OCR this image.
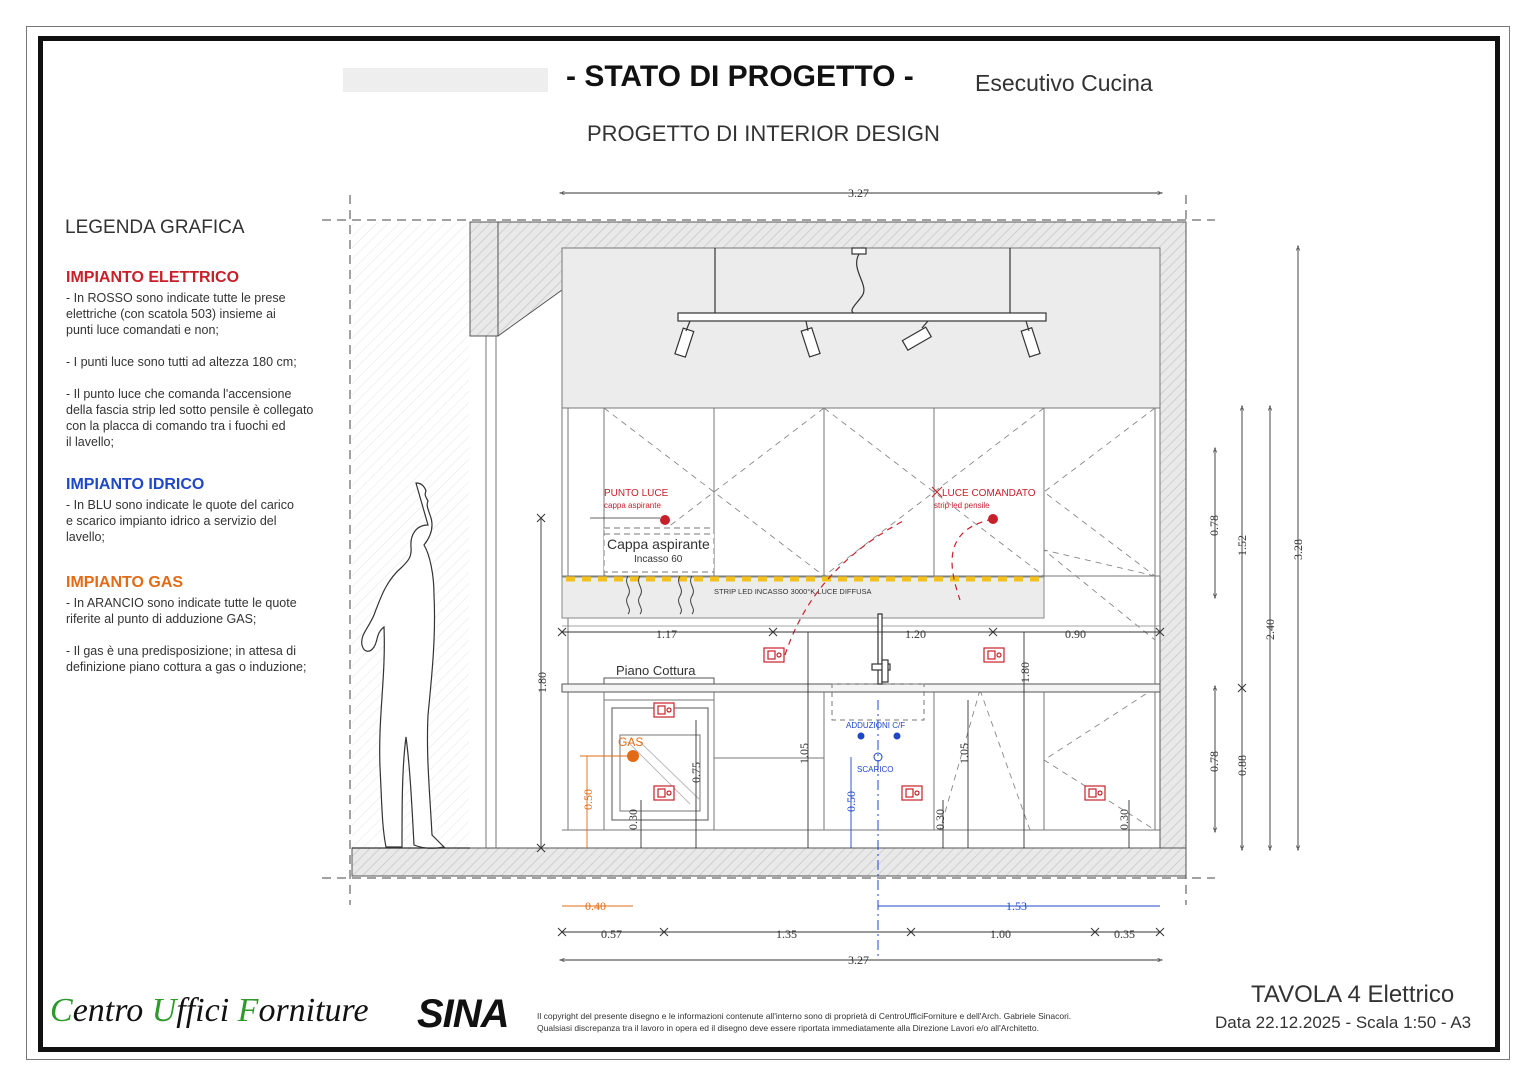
- STATO DI PROGETTO -	Esecutivo Cucina
PROGETTO DI INTERIOR DESIGN
LEGENDA GRAFICA
IMPIANTO ELETTRICO
- In ROSSO sono indicate tutte le prese
elettriche (con scatola 503) insieme ai
punti luce comandati e non;

- I punti luce sono tutti ad altezza 180 cm;

- Il punto luce che comanda l'accensione
della fascia strip led sotto pensile è collegato
con la placca di comando tra i fuochi ed
il lavello;
IMPIANTO IDRICO
- In BLU sono indicate le quote del carico
e scarico impianto idrico a servizio del
lavello;
IMPIANTO GAS
- In ARANCIO sono indicate tutte le quote
riferite al punto di adduzione GAS;

- Il gas è una predisposizione; in attesa di
definizione piano cottura a gas o induzione;
PUNTO LUCE
cappa aspirante
LUCE COMANDATO
strip led pensile
Cappa aspirante
Incasso 60
STRIP LED INCASSO 3000°K LUCE DIFFUSA
Piano Cottura
ADDUZIONI C/F
SCARICO
GAS
3.27
3.27
1.17	1.20	0.90
0.57	1.35	1.00	0.35
1.53
0.40
1.80	1.80
1.05	1.05
0.75
0.50	0.50
0.30	0.30	0.30
0.78
0.78
1.52
0.88
2.40
3.28
Centro Uffici Forniture SINA	Il copyright del presente disegno e le informazioni contenute all'interno sono di proprietà di CentroUfficiForniture e dell'Arch. Gabriele Sinacori.
Qualsiasi discrepanza tra il lavoro in opera ed il disegno deve essere riportata immediatamente alla Direzione Lavori e/o all'Architetto.
TAVOLA 4 Elettrico
Data 22.12.2025 - Scala 1:50 - A3
